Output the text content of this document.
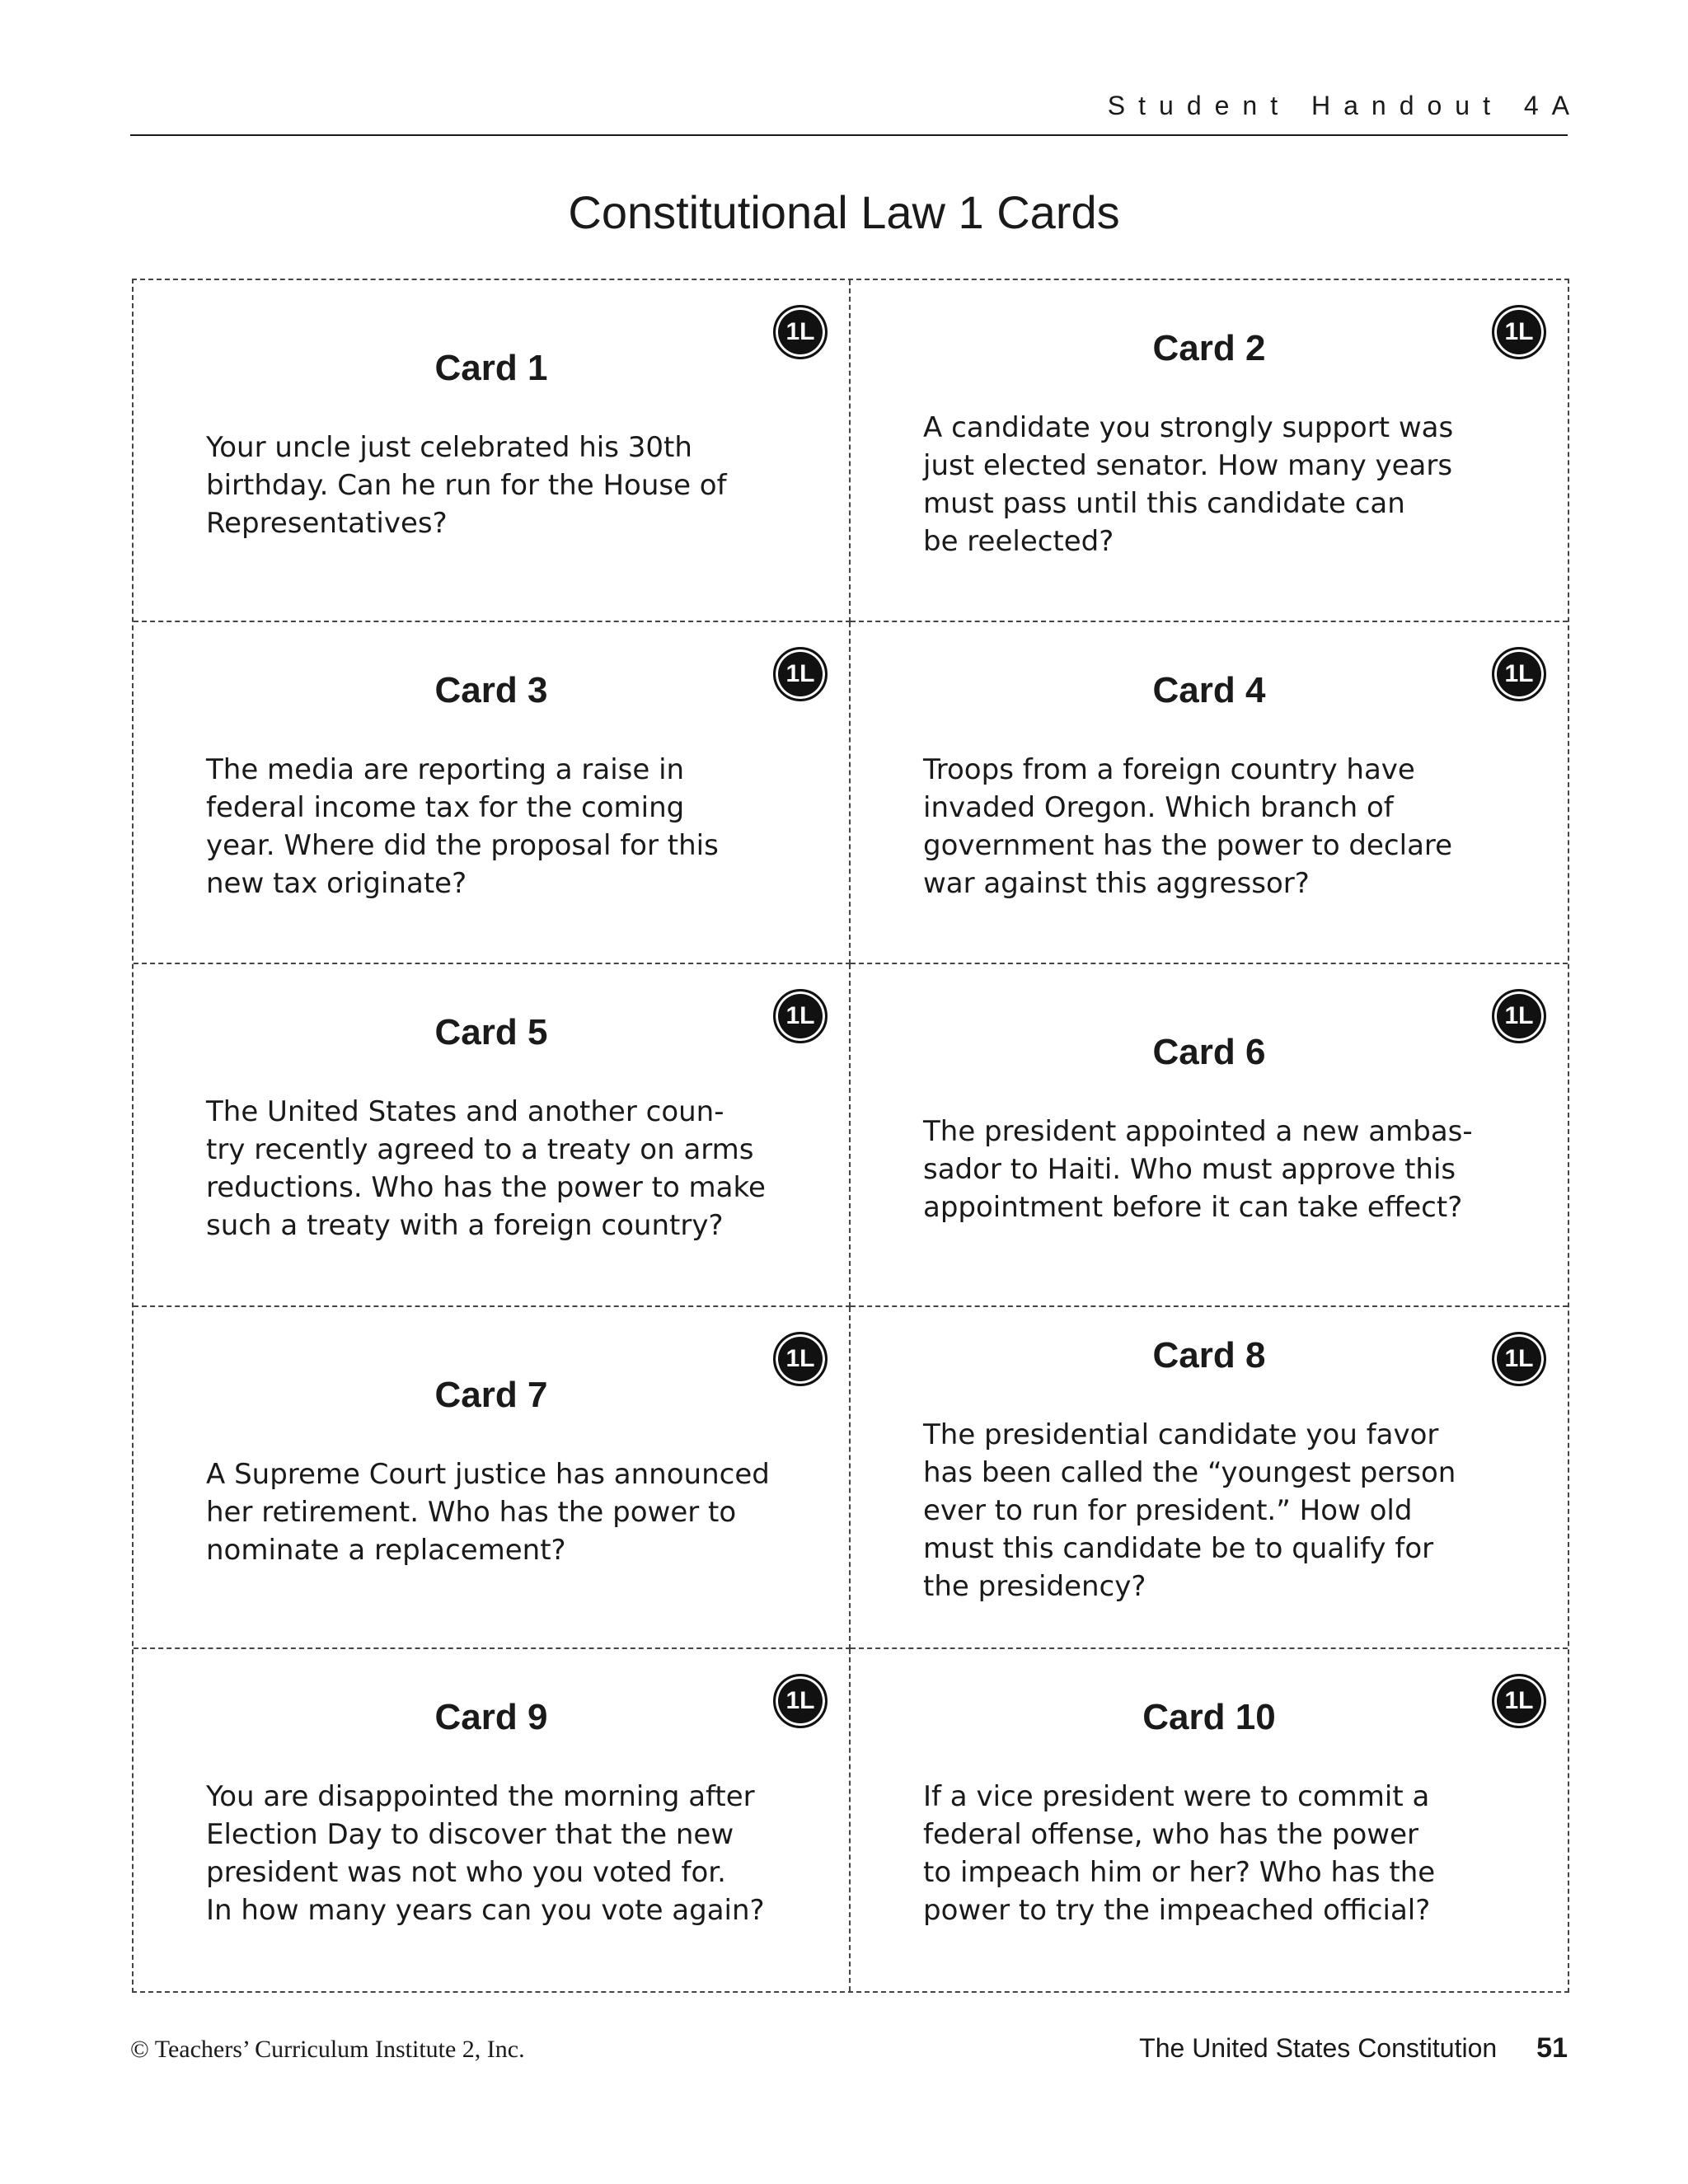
Student Handout 4A
Constitutional Law 1 Cards
1L
Card 1
Your uncle just celebrated his 30th
birthday. Can he run for the House of
Representatives?
1L
Card 2
A candidate you strongly support was
just elected senator. How many years
must pass until this candidate can
be reelected?
1L
Card 3
The media are reporting a raise in
federal income tax for the coming
year. Where did the proposal for this
new tax originate?
1L
Card 4
Troops from a foreign country have
invaded Oregon. Which branch of
government has the power to declare
war against this aggressor?
1L
Card 5
The United States and another coun-
try recently agreed to a treaty on arms
reductions. Who has the power to make
such a treaty with a foreign country?
1L
Card 6
The president appointed a new ambas-
sador to Haiti. Who must approve this
appointment before it can take effect?
1L
Card 7
A Supreme Court justice has announced
her retirement. Who has the power to
nominate a replacement?
1L
Card 8
The presidential candidate you favor
has been called the “youngest person
ever to run for president.” How old
must this candidate be to qualify for
the presidency?
1L
Card 9
You are disappointed the morning after
Election Day to discover that the new
president was not who you voted for.
In how many years can you vote again?
1L
Card 10
If a vice president were to commit a
federal offense, who has the power
to impeach him or her? Who has the
power to try the impeached official?
© Teachers’ Curriculum Institute 2, Inc.	The United States Constitution 51
